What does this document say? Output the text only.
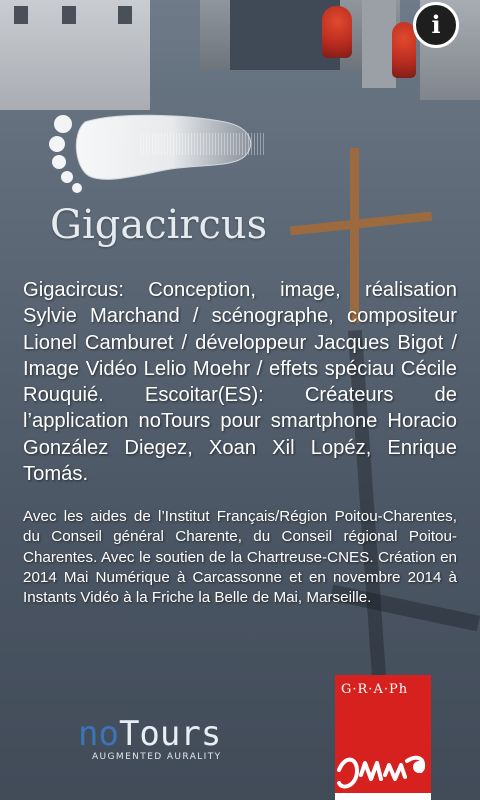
i
Gigacircus
Gigacircus: Conception, image, réalisation Sylvie Marchand / scénographe, compositeur Lionel Camburet / développeur Jacques Bigot / Image Vidéo Lelio Moehr / effets spéciau Cécile Rouquié. Escoitar(ES): Créateurs de l’application noTours pour smartphone Horacio González Diegez, Xoan Xil Lopéz, Enrique Tomás.
Avec les aides de l’Institut Français/Région Poitou-Charentes, du Conseil général Charente, du Conseil régional Poitou-Charentes. Avec le soutien de la Chartreuse-CNES. Création en 2014 Mai Numérique à Carcassonne et en novembre 2014 à Instants Vidéo à la Friche la Belle de Mai, Marseille.
noTours
AUGMENTED AURALITY
G·R·A·Ph
